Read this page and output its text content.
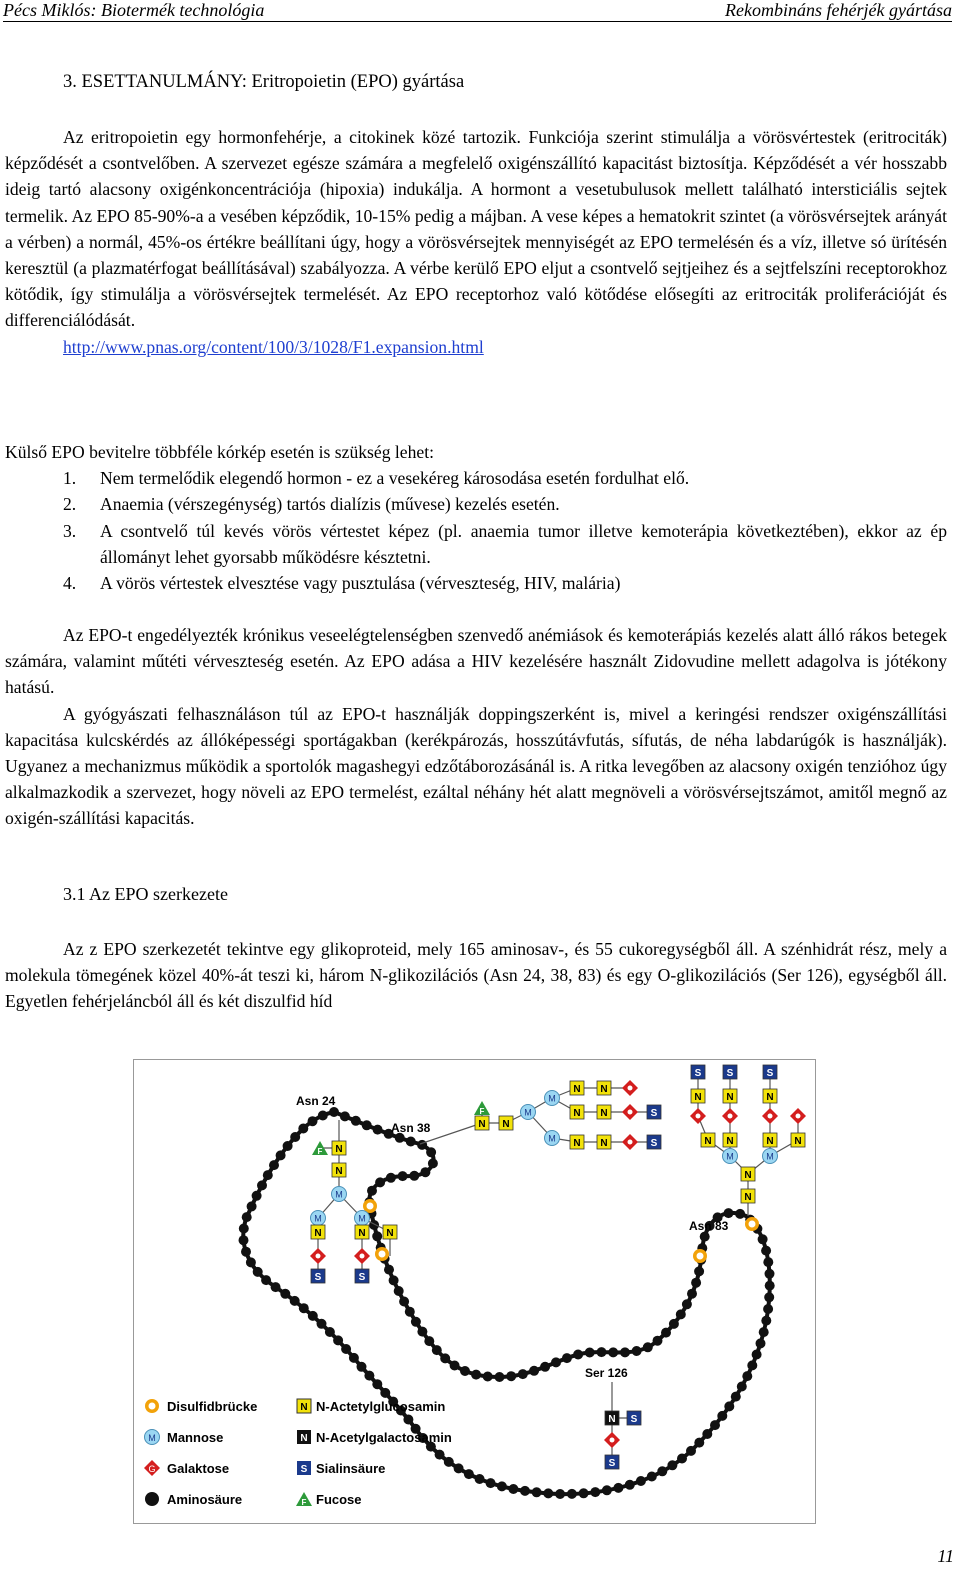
Pécs Miklós: Biotermék technológia	Rekombináns fehérjék gyártása
3. ESETTANULMÁNY: Eritropoietin (EPO) gyártása

Az eritropoietin egy hormonfehérje, a citokinek közé tartozik. Funkciója szerint stimulálja a vörösvértestek (eritrociták) képződését a csontvelőben. A szervezet egésze számára a megfelelő oxigénszállító kapacitást biztosítja. Képződését a vér hosszabb ideig tartó alacsony oxigénkoncentrációja (hipoxia) indukálja. A hormont a vesetubulusok mellett található intersticiális sejtek termelik. Az EPO 85-90%-a a vesében képződik, 10-15% pedig a májban. A vese képes a hematokrit szintet (a vörösvérsejtek arányát a vérben) a normál, 45%-os értékre beállítani úgy, hogy a vörösvérsejtek mennyiségét az EPO termelésén és a víz, illetve só ürítésén keresztül (a plazmatérfogat beállításával) szabályozza. A vérbe kerülő EPO eljut a csontvelő sejtjeihez és a sejtfelszíni receptorokhoz kötődik, így stimulálja a vörösvérsejtek termelését. Az EPO receptorhoz való kötődése elősegíti az eritrociták proliferációját és differenciálódását.

http://www.pnas.org/content/100/3/1028/F1.expansion.html

Külső EPO bevitelre többféle kórkép esetén is szükség lehet:

1. Nem termelődik elegendő hormon - ez a vesekéreg károsodása esetén fordulhat elő.
2. Anaemia (vérszegénység) tartós dialízis (művese) kezelés esetén.
3. A csontvelő túl kevés vörös vértestet képez (pl. anaemia tumor illetve kemoterápia következtében), ekkor az ép állományt lehet gyorsabb működésre késztetni.
4. A vörös vértestek elvesztése vagy pusztulása (vérveszteség, HIV, malária)

Az EPO-t engedélyezték krónikus veseelégtelenségben szenvedő anémiások és kemoterápiás kezelés alatt álló rákos betegek számára, valamint műtéti vérveszteség esetén. Az EPO adása a HIV kezelésére használt Zidovudine mellett adagolva is jótékony hatású.

A gyógyászati felhasználáson túl az EPO-t használják doppingszerként is, mivel a keringési rendszer oxigénszállítási kapacitása kulcskérdés az állóképességi sportágakban (kerékpározás, hosszútávfutás, sífutás, de néha labdarúgók is használják). Ugyanez a mechanizmus működik a sportolók magashegyi edzőtáborozásánál is. A ritka levegőben az alacsony oxigén tenzióhoz úgy alkalmazkodik a szervezet, hogy növeli az EPO termelést, ezáltal néhány hét alatt megnöveli a vörösvérsejtszámot, amitől megnő az oxigén-szállítási kapacitás.

3.1 Az EPO szerkezete

Az z EPO szerkezetét tekintve egy glikoproteid, mely 165 aminosav-, és 55 cukoregységből áll. A szénhidrát rész, mely a molekula tömegének közel 40%-át teszi ki, három N-glikozilációs (Asn 24, 38, 83) és egy O-glikozilációs (Ser 126), egységből áll. Egyetlen fehérjeláncból áll és két diszulfid híd

N
F
N
M
M	M
N	N N
S	S
N
F
N
M
M
M
N
N
N
N
N
N
S
S
N
N
M	M
N N	N N
N N	N
S	S	S
N S
S
Asn 24
Asn 38
Asn 83
Ser 126
Disulfidbrücke
M Mannose
G Galaktose
Aminosäure
N N-Actetylglucosamin
N N-Acetylgalactosamin
S Sialinsäure
F Fucose
11
